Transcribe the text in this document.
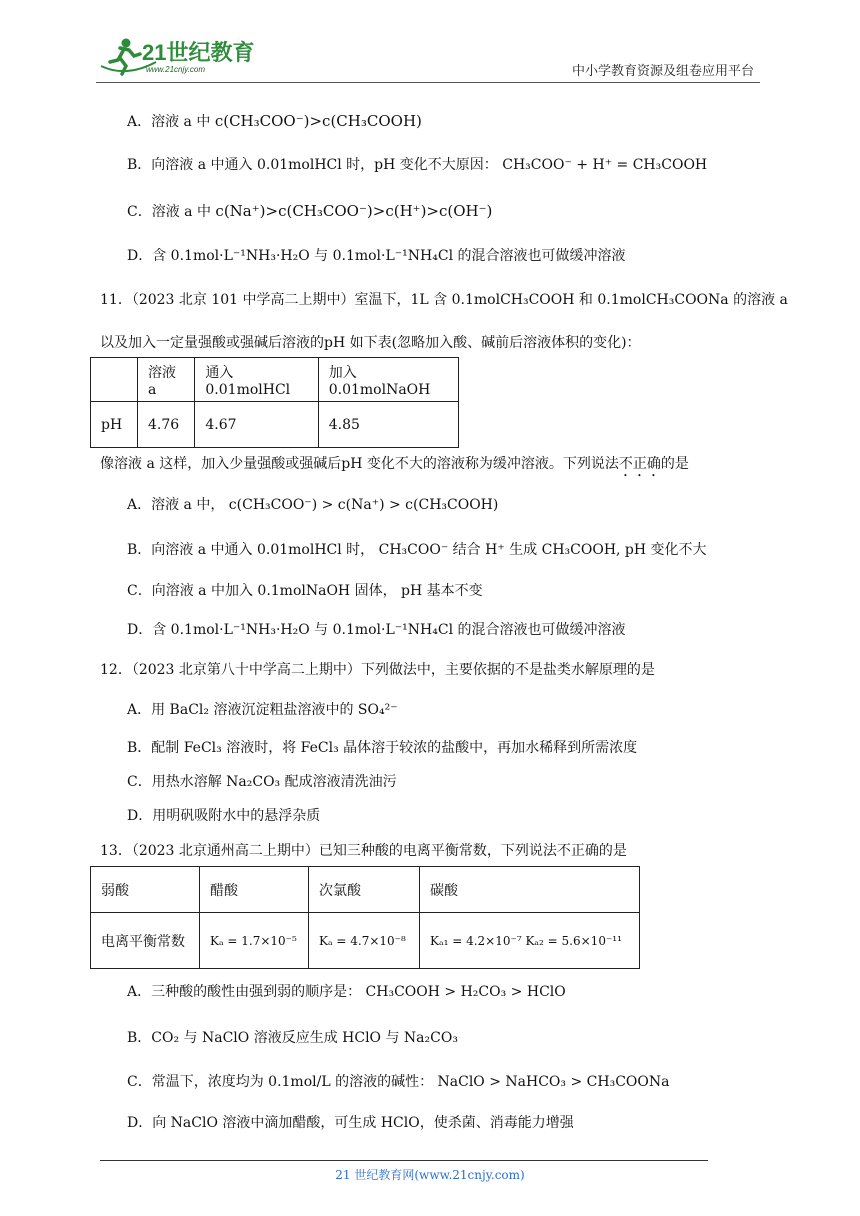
21世纪教育
www.21cnjy.com	中小学教育资源及组卷应用平台
A．溶液 a 中 c(CH₃COO⁻)>c(CH₃COOH)
B．向溶液 a 中通入 0.01molHCl 时，pH 变化不大原因： CH₃COO⁻ + H⁺ = CH₃COOH
C．溶液 a 中 c(Na⁺)>c(CH₃COO⁻)>c(H⁺)>c(OH⁻)
D．含 0.1mol·L⁻¹NH₃·H₂O 与 0.1mol·L⁻¹NH₄Cl 的混合溶液也可做缓冲溶液
11．（2023 北京 101 中学高二上期中）室温下，1L 含 0.1molCH₃COOH 和 0.1molCH₃COONa 的溶液 a
以及加入一定量强酸或强碱后溶液的pH 如下表(忽略加入酸、碱前后溶液体积的变化)：
	溶液 a	通入 0.01molHCl	加入 0.01molNaOH
pH	4.76	4.67	4.85
像溶液 a 这样，加入少量强酸或强碱后pH 变化不大的溶液称为缓冲溶液。下列说法不正确的是
A．溶液 a 中， c(CH₃COO⁻) > c(Na⁺) > c(CH₃COOH)
B．向溶液 a 中通入 0.01molHCl 时， CH₃COO⁻ 结合 H⁺ 生成 CH₃COOH, pH 变化不大
C．向溶液 a 中加入 0.1molNaOH 固体， pH 基本不变
D．含 0.1mol·L⁻¹NH₃·H₂O 与 0.1mol·L⁻¹NH₄Cl 的混合溶液也可做缓冲溶液
12．（2023 北京第八十中学高二上期中）下列做法中，主要依据的不是盐类水解原理的是
A．用 BaCl₂ 溶液沉淀粗盐溶液中的 SO₄²⁻
B．配制 FeCl₃ 溶液时，将 FeCl₃ 晶体溶于较浓的盐酸中，再加水稀释到所需浓度
C．用热水溶解 Na₂CO₃ 配成溶液清洗油污
D．用明矾吸附水中的悬浮杂质
13．（2023 北京通州高二上期中）已知三种酸的电离平衡常数，下列说法不正确的是
弱酸	醋酸	次氯酸	碳酸
电离平衡常数	Kₐ = 1.7×10⁻⁵	Kₐ = 4.7×10⁻⁸	Kₐ₁ = 4.2×10⁻⁷ Kₐ₂ = 5.6×10⁻¹¹
A．三种酸的酸性由强到弱的顺序是： CH₃COOH > H₂CO₃ > HClO
B．CO₂ 与 NaClO 溶液反应生成 HClO 与 Na₂CO₃
C．常温下，浓度均为 0.1mol/L 的溶液的碱性： NaClO > NaHCO₃ > CH₃COONa
D．向 NaClO 溶液中滴加醋酸，可生成 HClO，使杀菌、消毒能力增强
21 世纪教育网(www.21cnjy.com)
